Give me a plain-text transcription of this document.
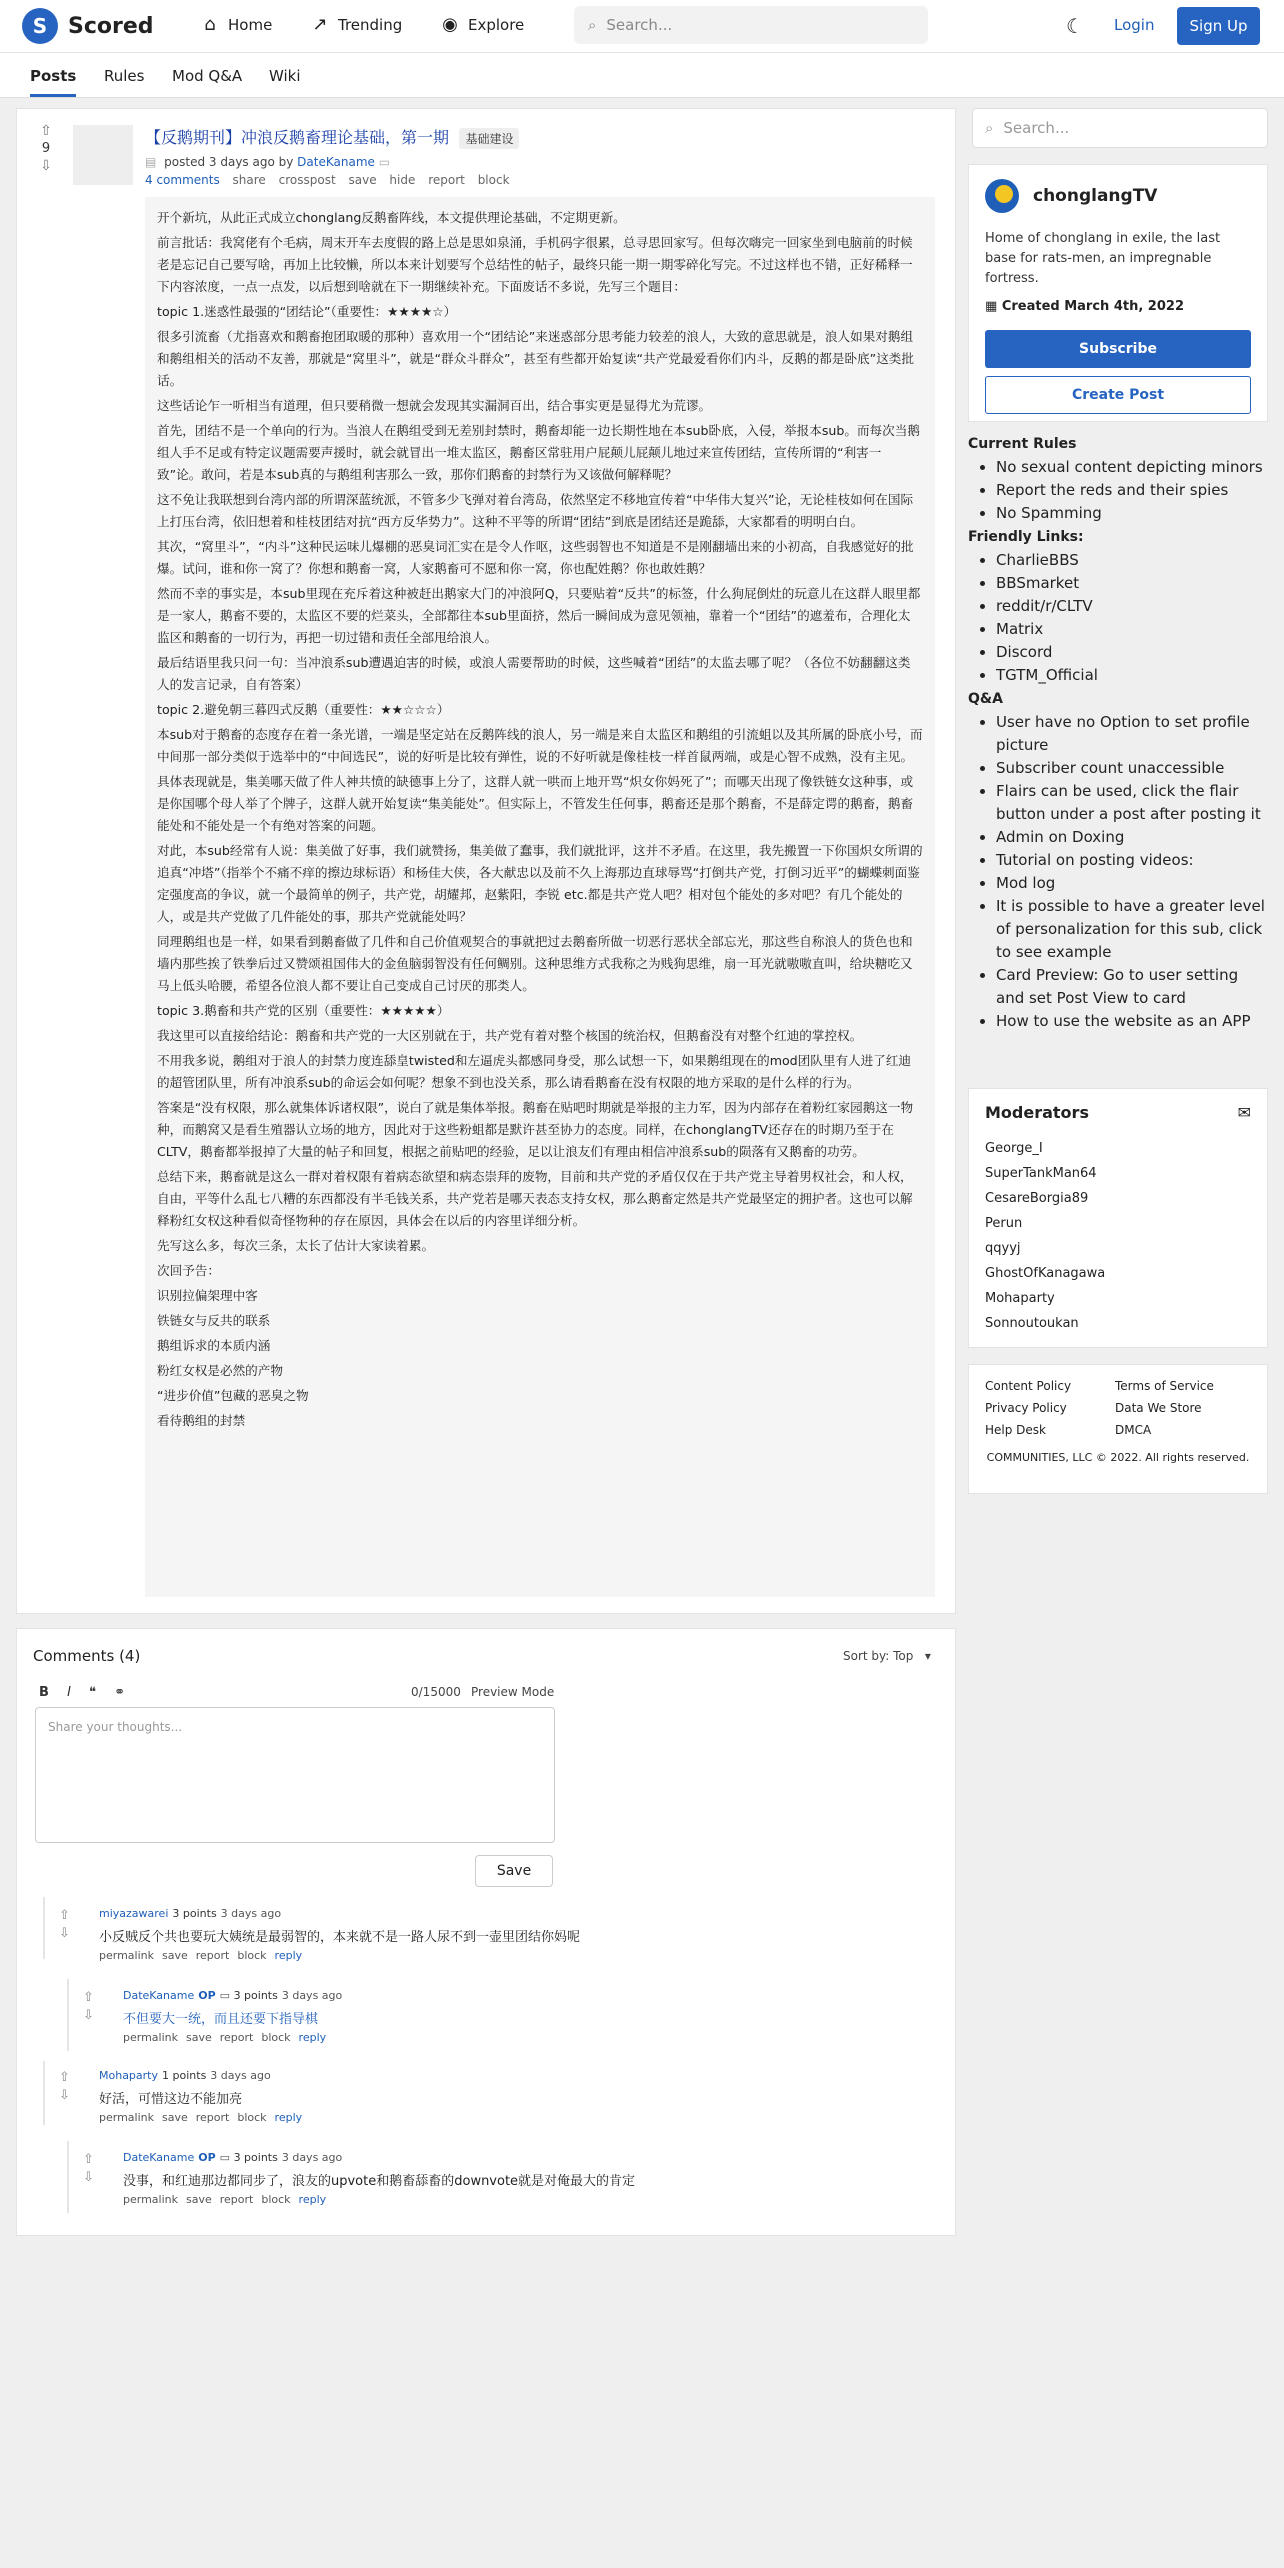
S Scored	⌂ Home ↗ Trending ◉ Explore	⌕ Search...	☾ Login	Sign Up
Posts Rules Mod Q&A Wiki
⇧
9
⇩
【反鹅期刊】冲浪反鹅畜理论基础，第一期 基础建设
▤ posted 3 days ago by DateKaname ▭
4 comments share crosspost save hide report block

开个新坑，从此正式成立chonglang反鹅畜阵线，本文提供理论基础，不定期更新。

前言批话：我窝佬有个毛病，周末开车去度假的路上总是思如泉涌，手机码字很累，总寻思回家写。但每次嗨完一回家坐到电脑前的时候老是忘记自己要写啥，再加上比较懒，所以本来计划要写个总结性的帖子，最终只能一期一期零碎化写完。不过这样也不错，正好稀释一下内容浓度，一点一点发，以后想到啥就在下一期继续补充。下面废话不多说，先写三个题目：

topic 1.迷惑性最强的“团结论”（重要性：★★★★☆）

很多引流畜（尤指喜欢和鹅畜抱团取暖的那种）喜欢用一个“团结论”来迷惑部分思考能力较差的浪人，大致的意思就是，浪人如果对鹅组和鹅组相关的活动不友善，那就是“窝里斗”，就是“群众斗群众”，甚至有些都开始复读“共产党最爱看你们内斗，反鹅的都是卧底”这类批话。

这些话论乍一听相当有道理，但只要稍微一想就会发现其实漏洞百出，结合事实更是显得尤为荒谬。

首先，团结不是一个单向的行为。当浪人在鹅组受到无差别封禁时，鹅畜却能一边长期性地在本sub卧底，入侵，举报本sub。而每次当鹅组人手不足或有特定议题需要声援时，就会就冒出一堆太监区，鹅畜区常驻用户屁颠儿屁颠儿地过来宣传团结，宣传所谓的“利害一致”论。敢问，若是本sub真的与鹅组利害那么一致，那你们鹅畜的封禁行为又该做何解释呢？

这不免让我联想到台湾内部的所谓深蓝统派，不管多少飞弹对着台湾岛，依然坚定不移地宣传着“中华伟大复兴”论，无论桂枝如何在国际上打压台湾，依旧想着和桂枝团结对抗“西方反华势力”。这种不平等的所谓“团结”到底是团结还是跪舔，大家都看的明明白白。

其次，“窝里斗”，“内斗”这种民运味儿爆棚的恶臭词汇实在是令人作呕，这些弱智也不知道是不是刚翻墙出来的小初高，自我感觉好的批爆。试问，谁和你一窝了？你想和鹅畜一窝，人家鹅畜可不愿和你一窝，你也配姓鹅？你也敢姓鹅？

然而不幸的事实是，本sub里现在充斥着这种被赶出鹅家大门的冲浪阿Q，只要贴着“反共”的标签，什么狗屁倒灶的玩意儿在这群人眼里都是一家人，鹅畜不要的，太监区不要的烂菜头，全部都往本sub里面挤，然后一瞬间成为意见领袖，靠着一个“团结”的遮羞布，合理化太监区和鹅畜的一切行为，再把一切过错和责任全部甩给浪人。

最后结语里我只问一句：当冲浪系sub遭遇迫害的时候，或浪人需要帮助的时候，这些喊着“团结”的太监去哪了呢？（各位不妨翻翻这类人的发言记录，自有答案）

topic 2.避免朝三暮四式反鹅（重要性：★★☆☆☆）

本sub对于鹅畜的态度存在着一条光谱，一端是坚定站在反鹅阵线的浪人，另一端是来自太监区和鹅组的引流蛆以及其所属的卧底小号，而中间那一部分类似于选举中的“中间选民”，说的好听是比较有弹性，说的不好听就是像桂枝一样首鼠两端，或是心智不成熟，没有主见。

具体表现就是，集美哪天做了件人神共愤的缺德事上分了，这群人就一哄而上地开骂“炽女你妈死了”；而哪天出现了像铁链女这种事，或是你国哪个母人举了个牌子，这群人就开始复读“集美能处”。但实际上，不管发生任何事，鹅畜还是那个鹅畜，不是薛定谔的鹅畜，鹅畜能处和不能处是一个有绝对答案的问题。

对此，本sub经常有人说：集美做了好事，我们就赞扬，集美做了蠢事，我们就批评，这并不矛盾。在这里，我先搬置一下你国炽女所谓的追真“冲塔”（指举个不痛不痒的擦边球标语）和杨佳大侠，各大献忠以及前不久上海那边直球辱骂“打倒共产党，打倒习近平”的蝴蝶刺面鉴定强度高的争议，就一个最简单的例子，共产党，胡耀邦，赵紫阳，李锐 etc.都是共产党人吧？相对包个能处的多对吧？有几个能处的人，或是共产党做了几件能处的事，那共产党就能处吗？

同理鹅组也是一样，如果看到鹅畜做了几件和自己价值观契合的事就把过去鹅畜所做一切恶行恶状全部忘光，那这些自称浪人的货色也和墙内那些挨了铁拳后过又赞颂祖国伟大的金鱼脑弱智没有任何鲷别。这种思维方式我称之为贱狗思维，扇一耳光就嗷嗷直叫，给块糖吃又马上低头哈腰，希望各位浪人都不要让自己变成自己讨厌的那类人。

topic 3.鹅畜和共产党的区别（重要性：★★★★★）

我这里可以直接给结论：鹅畜和共产党的一大区别就在于，共产党有着对整个核国的统治权，但鹅畜没有对整个红迪的掌控权。

不用我多说，鹅组对于浪人的封禁力度连舔皇twisted和左逼虎头都感同身受，那么试想一下，如果鹅组现在的mod团队里有人进了红迪的超管团队里，所有冲浪系sub的命运会如何呢？想象不到也没关系，那么请看鹅畜在没有权限的地方采取的是什么样的行为。

答案是“没有权限，那么就集体诉诸权限”，说白了就是集体举报。鹅畜在贴吧时期就是举报的主力军，因为内部存在着粉红家园鹅这一物种，而鹅窝又是看生殖器认立场的地方，因此对于这些粉蛆都是默许甚至协力的态度。同样，在chonglangTV还存在的时期乃至于在CLTV，鹅畜都举报掉了大量的帖子和回复，根据之前贴吧的经验，足以让浪友们有理由相信冲浪系sub的陨落有又鹅畜的功劳。

总结下来，鹅畜就是这么一群对着权限有着病态欲望和病态崇拜的废物，目前和共产党的矛盾仅仅在于共产党主导着男权社会，和人权，自由，平等什么乱七八糟的东西都没有半毛钱关系，共产党若是哪天表态支持女权，那么鹅畜定然是共产党最坚定的拥护者。这也可以解释粉红女权这种看似奇怪物种的存在原因，具体会在以后的内容里详细分析。

先写这么多，每次三条，太长了估计大家读着累。

次回予告：

识别拉偏架理中客

铁链女与反共的联系

鹅组诉求的本质内涵

粉红女权是必然的产物

“进步价值”包藏的恶臭之物

看待鹅组的封禁

⌕ Search...
chonglangTV
Home of chonglang in exile, the last base for rats-men, an impregnable fortress.
▦ Created March 4th, 2022
Subscribe
Create Post
Current Rules
• No sexual content depicting minors
• Report the reds and their spies
• No Spamming
Friendly Links:
• CharlieBBS
• BBSmarket
• reddit/r/CLTV
• Matrix
• Discord
• TGTM_Official
Q&A
• User have no Option to set profile picture
• Subscriber count unaccessible
• Flairs can be used, click the flair button under a post after posting it
• Admin on Doxing
• Tutorial on posting videos:
• Mod log
• It is possible to have a greater level of personalization for this sub, click to see example
• Card Preview: Go to user setting and set Post View to card
• How to use the website as an APP
Moderators	✉
George_I
SuperTankMan64
CesareBorgia89
Perun
qqyyj
GhostOfKanagawa
Mohaparty
Sonnoutoukan
Content Policy	Terms of Service
Privacy Policy	Data We Store
Help Desk	DMCA
COMMUNITIES, LLC © 2022. All rights reserved.
Comments (4)	Sort by: Top   ▾
B I ❝ ⚭	0/15000 Preview Mode
Share your thoughts...
Save
⇧
⇩
miyazawarei 3 points 3 days ago
小反贼反个共也要玩大姨统是最弱智的，本来就不是一路人尿不到一壶里团结你妈呢
permalink save report block reply
⇧
⇩
DateKaname OP ▭ 3 points 3 days ago
不但要大一统，而且还要下指导棋
permalink save report block reply
⇧
⇩
Mohaparty 1 points 3 days ago
好活，可惜这边不能加亮
permalink save report block reply
⇧
⇩
DateKaname OP ▭ 3 points 3 days ago
没事，和红迪那边都同步了，浪友的upvote和鹅畜舔畜的downvote就是对俺最大的肯定
permalink save report block reply
